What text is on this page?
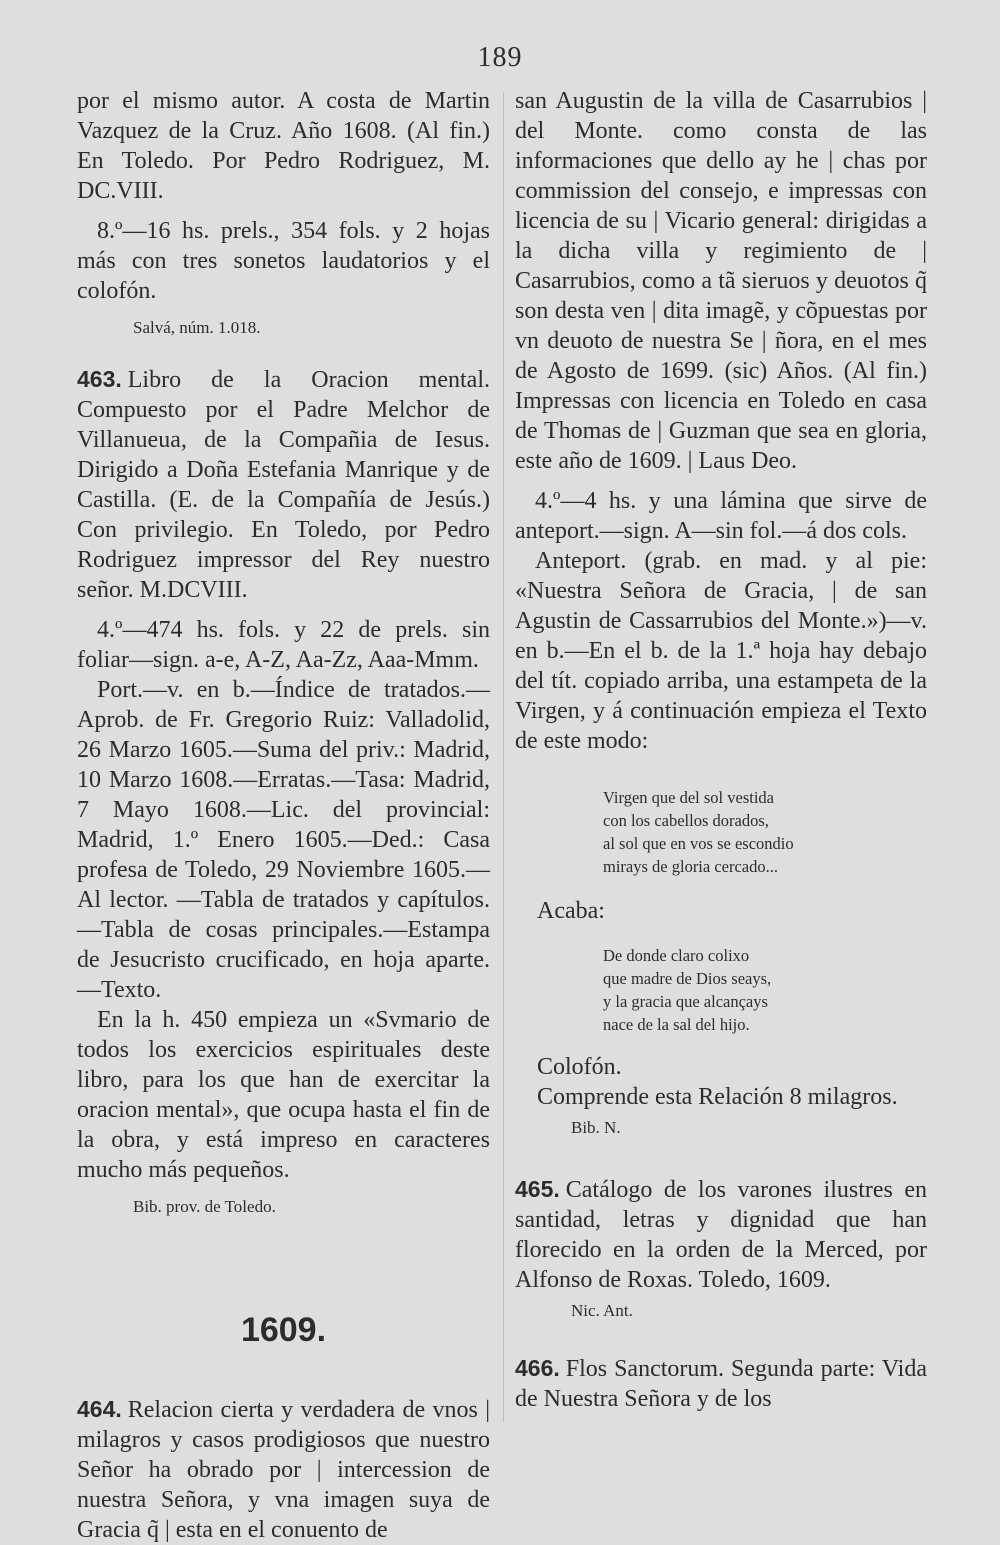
189

por el mismo autor. A costa de Martin Vazquez de la Cruz. Año 1608. (Al fin.) En Toledo. Por Pedro Rodriguez, M. DC.VIII.

8.º—16 hs. prels., 354 fols. y 2 hojas más con tres sonetos laudatorios y el colofón.

Salvá, núm. 1.018.

463. Libro de la Oracion mental. Compuesto por el Padre Melchor de Villanueua, de la Compañia de Iesus. Dirigido a Doña Estefania Manrique y de Castilla. (E. de la Compañía de Jesús.) Con privilegio. En Toledo, por Pedro Rodriguez impressor del Rey nuestro señor. M.DCVIII.

4.º—474 hs. fols. y 22 de prels. sin foliar—sign. a-e, A-Z, Aa-Zz, Aaa-Mmm.

Port.—v. en b.—Índice de tratados.—Aprob. de Fr. Gregorio Ruiz: Valladolid, 26 Marzo 1605.—Suma del priv.: Madrid, 10 Marzo 1608.—Erratas.—Tasa: Madrid, 7 Mayo 1608.—Lic. del provincial: Madrid, 1.º Enero 1605.—Ded.: Casa profesa de Toledo, 29 Noviembre 1605.—Al lector. —Tabla de tratados y capítulos.—Tabla de cosas principales.—Estampa de Jesucristo crucificado, en hoja aparte.—Texto.

En la h. 450 empieza un «Svmario de todos los exercicios espirituales deste libro, para los que han de exercitar la oracion mental», que ocupa hasta el fin de la obra, y está impreso en caracteres mucho más pequeños.

Bib. prov. de Toledo.

1609.

464. Relacion cierta y verdadera de vnos | milagros y casos prodigiosos que nuestro Señor ha obrado por | intercession de nuestra Señora, y vna imagen suya de Gracia q̃ | esta en el conuento de

san Augustin de la villa de Casarrubios | del Monte. como consta de las informaciones que dello ay he | chas por commission del consejo, e impressas con licencia de su | Vicario general: dirigidas a la dicha villa y regimiento de | Casarrubios, como a tã sieruos y deuotos q̃ son desta ven | dita imagẽ, y cõpuestas por vn deuoto de nuestra Se | ñora, en el mes de Agosto de 1699. (sic) Años. (Al fin.) Impressas con licencia en Toledo en casa de Thomas de | Guzman que sea en gloria, este año de 1609. | Laus Deo.

4.º—4 hs. y una lámina que sirve de anteport.—sign. A—sin fol.—á dos cols.

Anteport. (grab. en mad. y al pie: «Nuestra Señora de Gracia, | de san Agustin de Cassarrubios del Monte.»)—v. en b.—En el b. de la 1.ª hoja hay debajo del tít. copiado arriba, una estampeta de la Virgen, y á continuación empieza el Texto de este modo:

Virgen que del sol vestida
con los cabellos dorados,
al sol que en vos se escondio
mirays de gloria cercado...

Acaba:

De donde claro colixo
que madre de Dios seays,
y la gracia que alcançays
nace de la sal del hijo.

Colofón.

Comprende esta Relación 8 milagros.

Bib. N.

465. Catálogo de los varones ilustres en santidad, letras y dignidad que han florecido en la orden de la Merced, por Alfonso de Roxas. Toledo, 1609.

Nic. Ant.

466. Flos Sanctorum. Segunda parte: Vida de Nuestra Señora y de los
